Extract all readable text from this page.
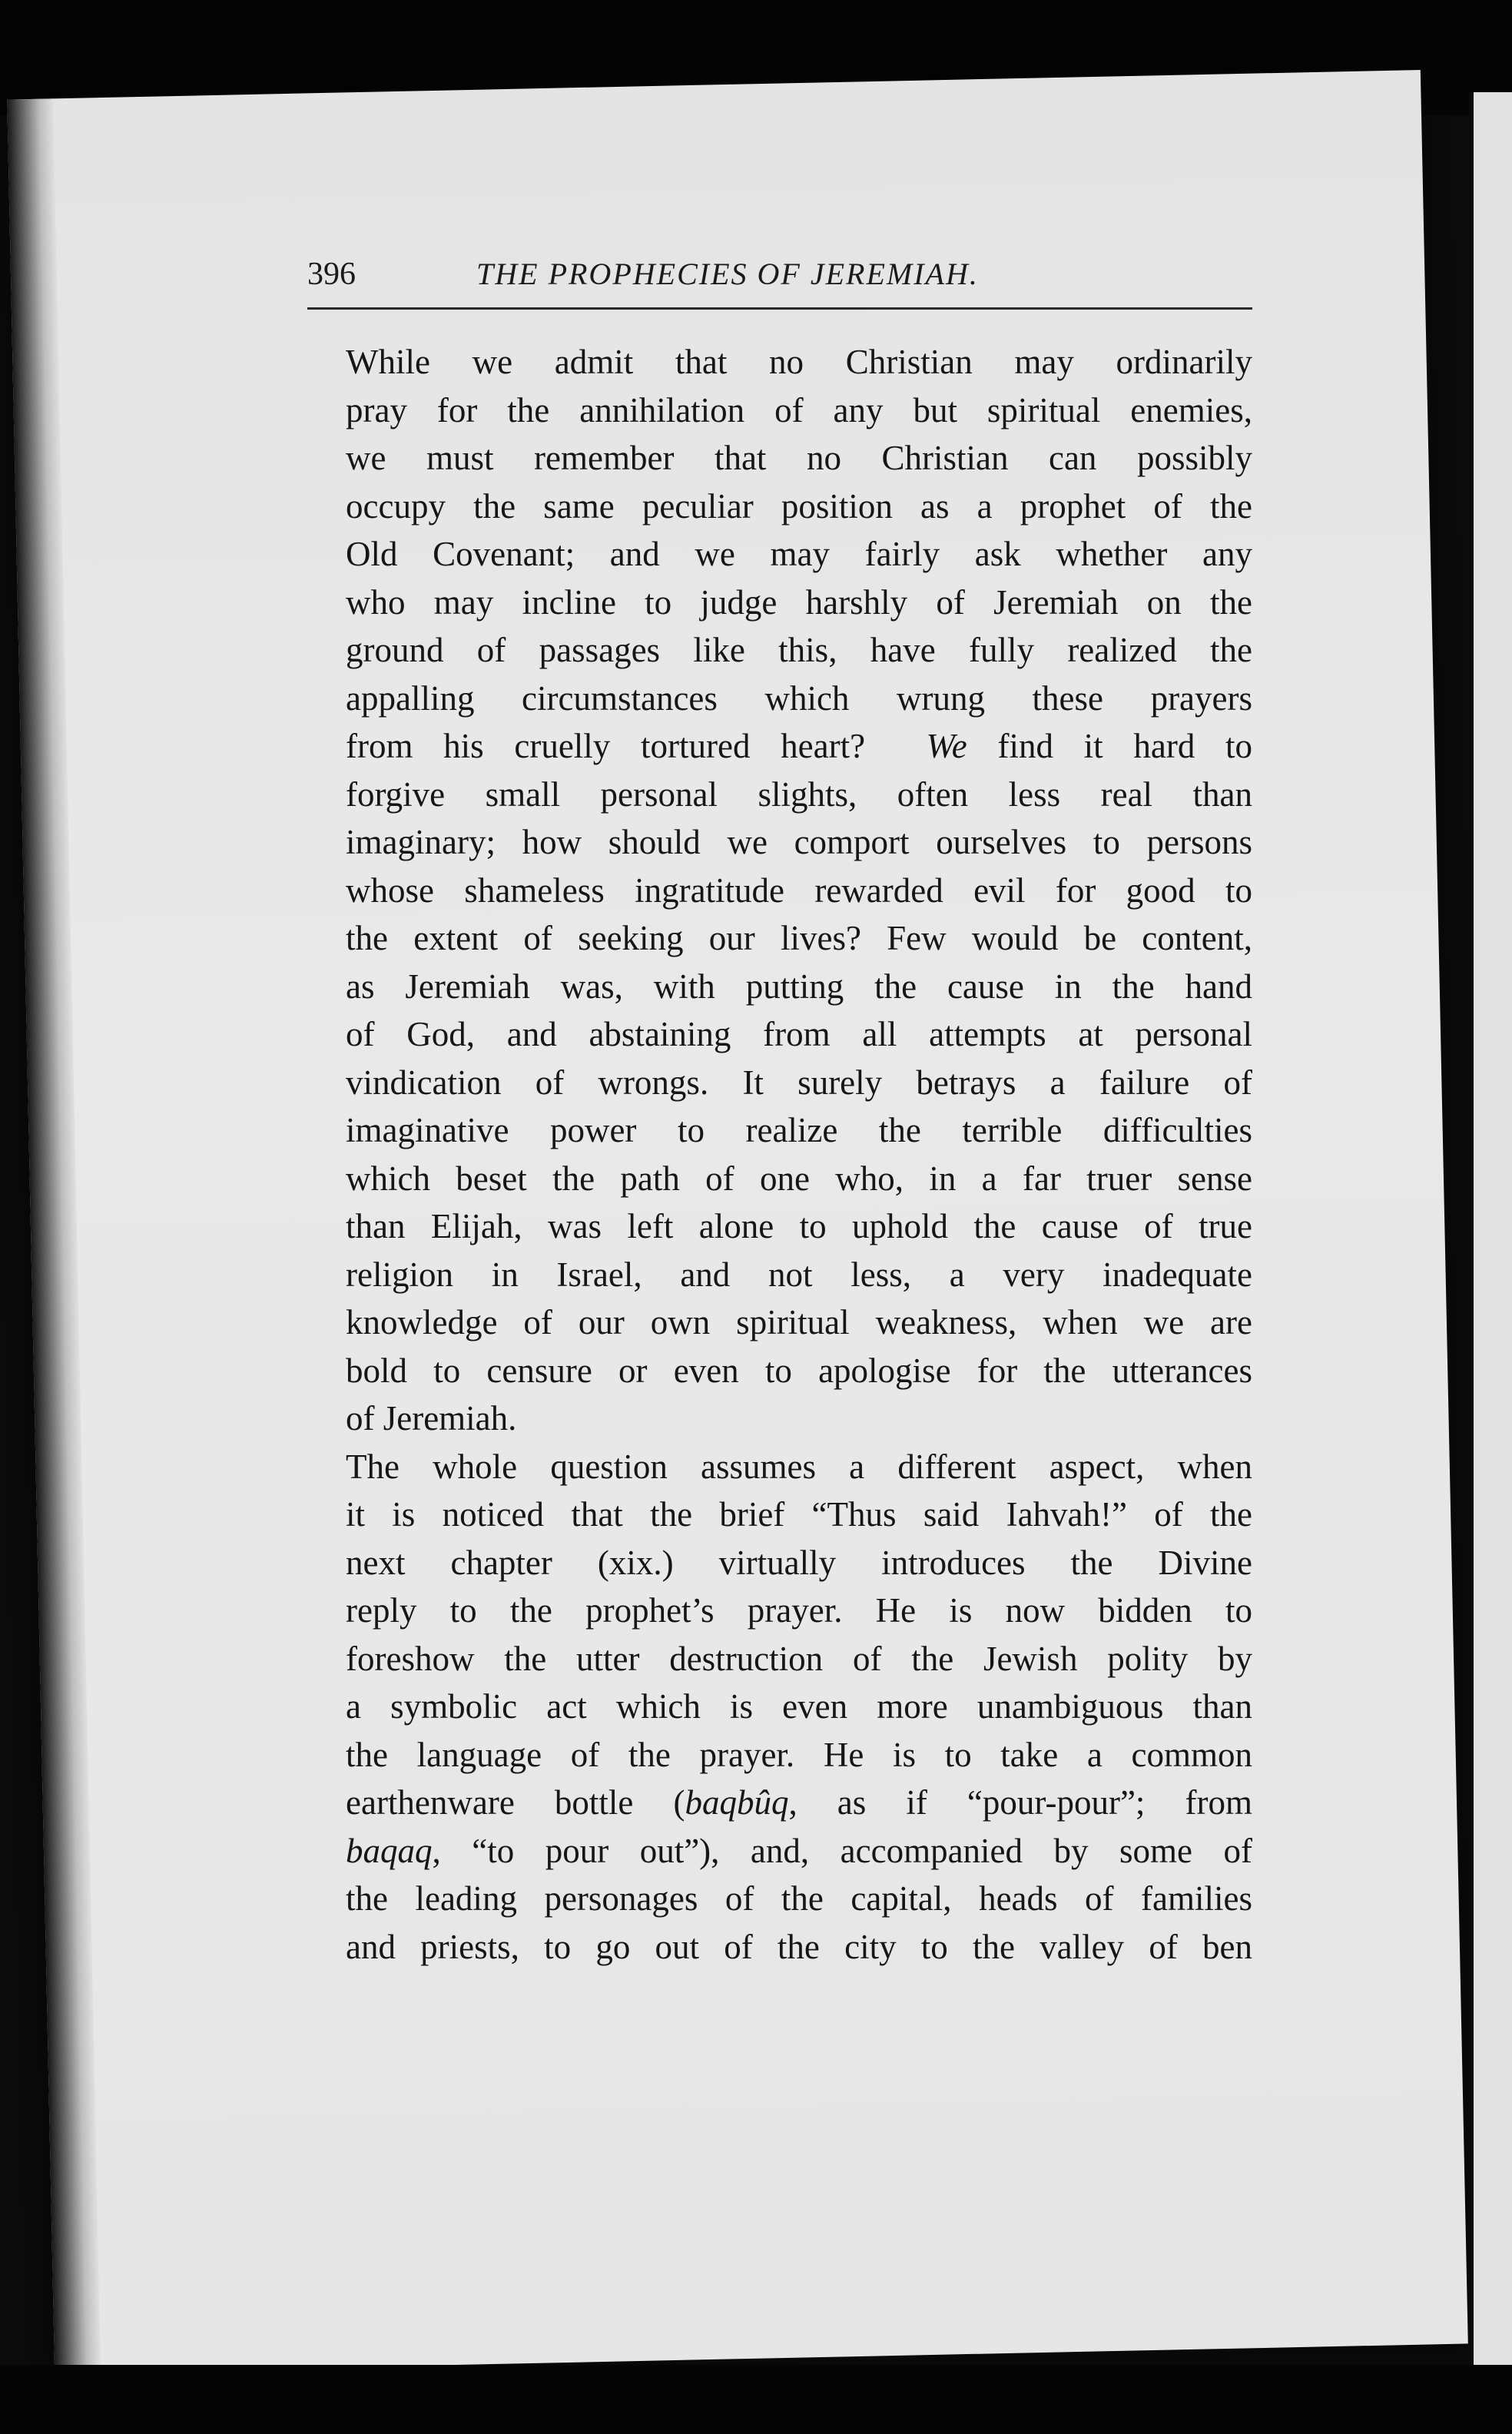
396	THE PROPHECIES OF JEREMIAH.

While we admit that no Christian may ordinarily
pray for the annihilation of any but spiritual enemies,
we must remember that no Christian can possibly
occupy the same peculiar position as a prophet of the
Old Covenant; and we may fairly ask whether any
who may incline to judge harshly of Jeremiah on the
ground of passages like this, have fully realized the
appalling circumstances which wrung these prayers
from his cruelly tortured heart? We find it hard to
forgive small personal slights, often less real than
imaginary; how should we comport ourselves to persons
whose shameless ingratitude rewarded evil for good to
the extent of seeking our lives? Few would be content,
as Jeremiah was, with putting the cause in the hand
of God, and abstaining from all attempts at personal
vindication of wrongs. It surely betrays a failure of
imaginative power to realize the terrible difficulties
which beset the path of one who, in a far truer sense
than Elijah, was left alone to uphold the cause of true
religion in Israel, and not less, a very inadequate
knowledge of our own spiritual weakness, when we are
bold to censure or even to apologise for the utterances
of Jeremiah.

The whole question assumes a different aspect, when
it is noticed that the brief “Thus said Iahvah!” of the
next chapter (xix.) virtually introduces the Divine
reply to the prophet’s prayer. He is now bidden to
foreshow the utter destruction of the Jewish polity by
a symbolic act which is even more unambiguous than
the language of the prayer. He is to take a common
earthenware bottle (baqbûq, as if “pour-pour”; from
baqaq, “to pour out”), and, accompanied by some of
the leading personages of the capital, heads of families
and priests, to go out of the city to the valley of ben
